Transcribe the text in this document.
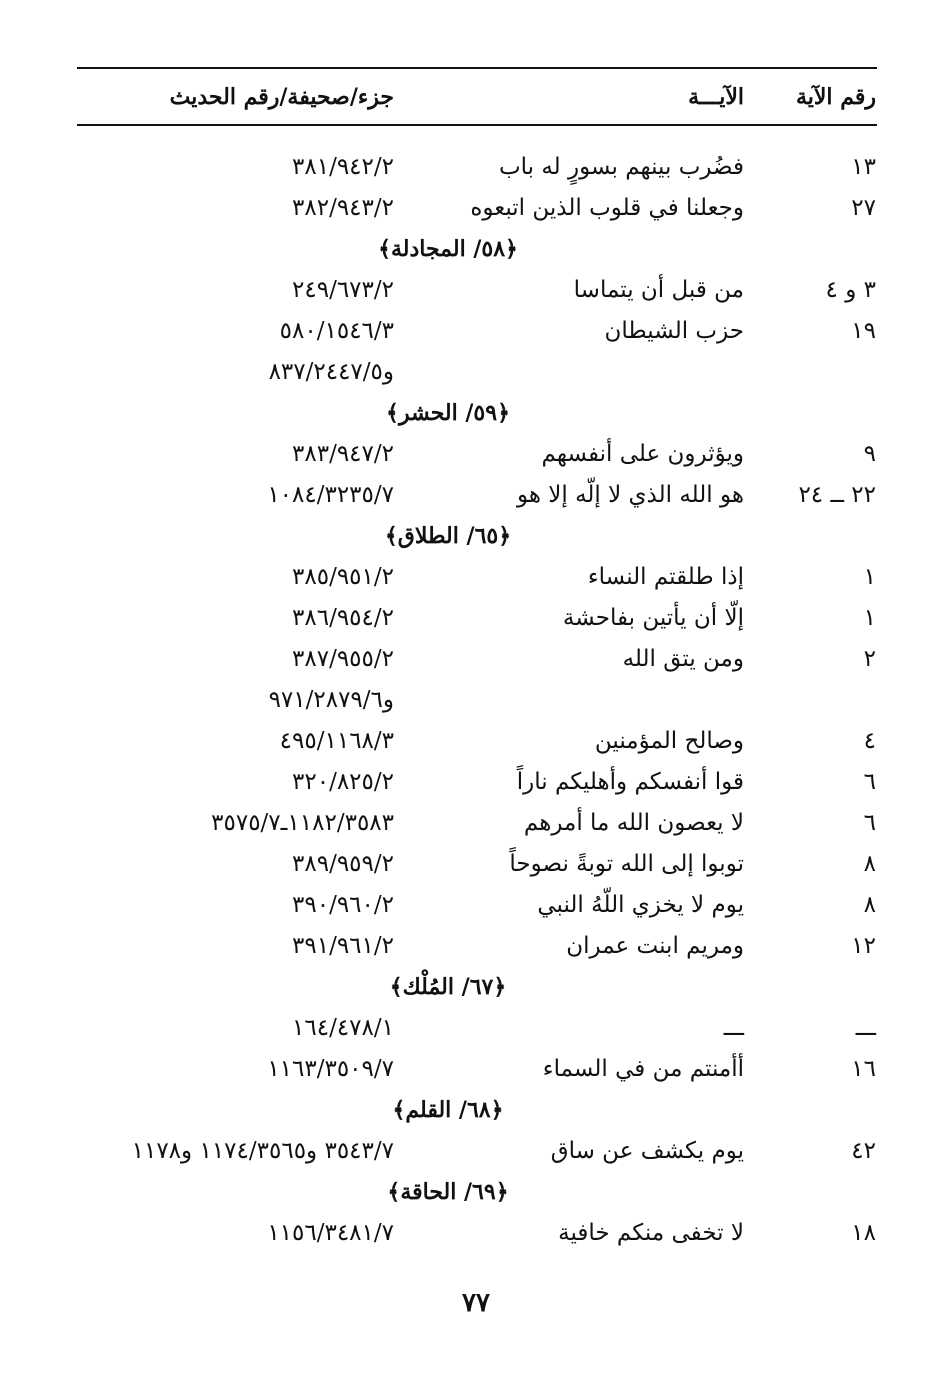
رقم الآية
الآيـــة
جزء/صحيفة/رقم الحديث
١٣
فضُرب بينهم بسورٍ له باب
٣٨١/٩٤٢/٢
٢٧
وجعلنا في قلوب الذين اتبعوه
٣٨٢/٩٤٣/٢
﴿٥٨/ المجادلة﴾
٣ و ٤
من قبل أن يتماسا
٢٤٩/٦٧٣/٢
١٩
حزب الشيطان
٥٨٠/١٥٤٦/٣
و٨٣٧/٢٤٤٧/٥
﴿٥٩/ الحشر﴾
٩
ويؤثرون على أنفسهم
٣٨٣/٩٤٧/٢
٢٢ ــ ٢٤
هو الله الذي لا إلّه إلا هو
١٠٨٤/٣٢٣٥/٧
﴿٦٥/ الطلاق﴾
١
إذا طلقتم النساء
٣٨٥/٩٥١/٢
١
إلّا أن يأتين بفاحشة
٣٨٦/٩٥٤/٢
٢
ومن يتق الله
٣٨٧/٩٥٥/٢
و٩٧١/٢٨٧٩/٦
٤
وصالح المؤمنين
٤٩٥/١١٦٨/٣
٦
قوا أنفسكم وأهليكم ناراً
٣٢٠/٨٢٥/٢
٦
لا يعصون الله ما أمرهم
١١٨٢/٣٥٨٣ـ٣٥٧٥/٧
٨
توبوا إلى الله توبةً نصوحاً
٣٨٩/٩٥٩/٢
٨
يوم لا يخزي اللّهُ النبي
٣٩٠/٩٦٠/٢
١٢
ومريم ابنت عمران
٣٩١/٩٦١/٢
﴿٦٧/ المُلْك﴾
ـــ
ـــ
١٦٤/٤٧٨/١
١٦
أأمنتم من في السماء
١١٦٣/٣٥٠٩/٧
﴿٦٨/ القلم﴾
٤٢
يوم يكشف عن ساق
٣٥٤٣/٧ و١١٧٤/٣٥٦٥ و١١٧٨
﴿٦٩/ الحاقة﴾
١٨
لا تخفى منكم خافية
١١٥٦/٣٤٨١/٧
٧٧
